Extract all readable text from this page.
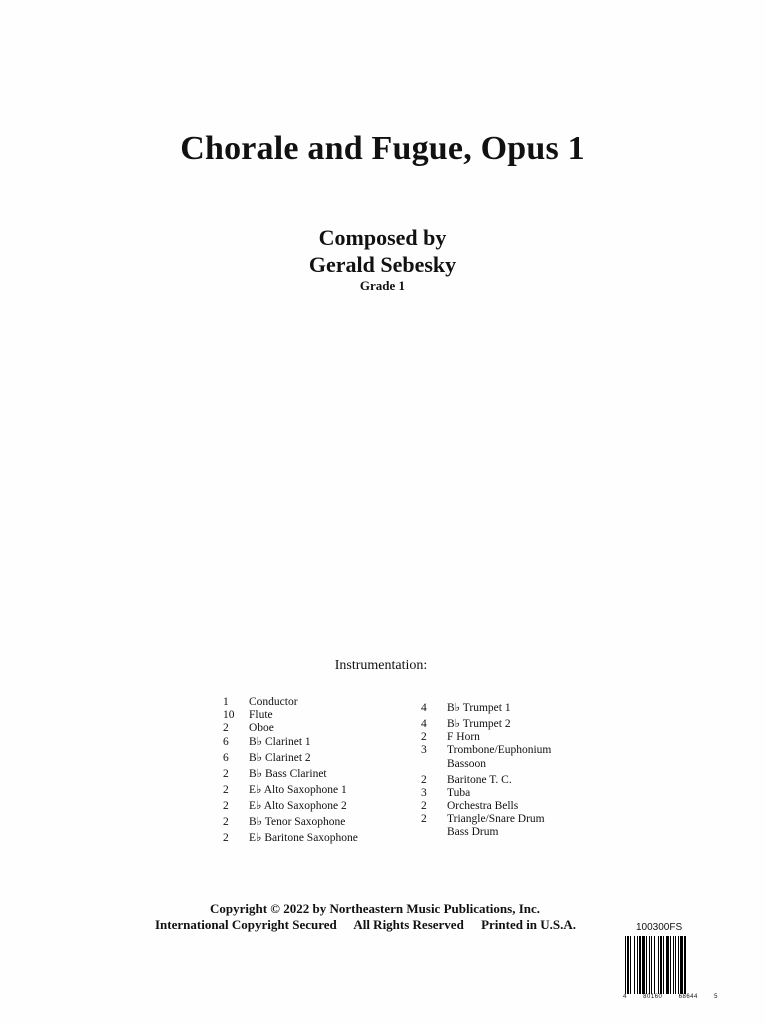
Chorale and Fugue, Opus 1
Composed by
Gerald Sebesky
Grade 1
Instrumentation:
1	Conductor
10	Flute
2	Oboe
6	B♭ Clarinet 1
6	B♭ Clarinet 2
2	B♭ Bass Clarinet
2	E♭ Alto Saxophone 1
2	E♭ Alto Saxophone 2
2	B♭ Tenor Saxophone
2	E♭ Baritone Saxophone
4	B♭ Trumpet 1
4	B♭ Trumpet 2
2	F Horn
3	Trombone/Euphonium
Bassoon
2	Baritone T. C.
3	Tuba
2	Orchestra Bells
2	Triangle/Snare Drum
Bass Drum
Copyright © 2022 by Northeastern Music Publications, Inc.
International Copyright Secured All Rights Reserved Printed in U.S.A.	100300FS
4	80160	68644	5
